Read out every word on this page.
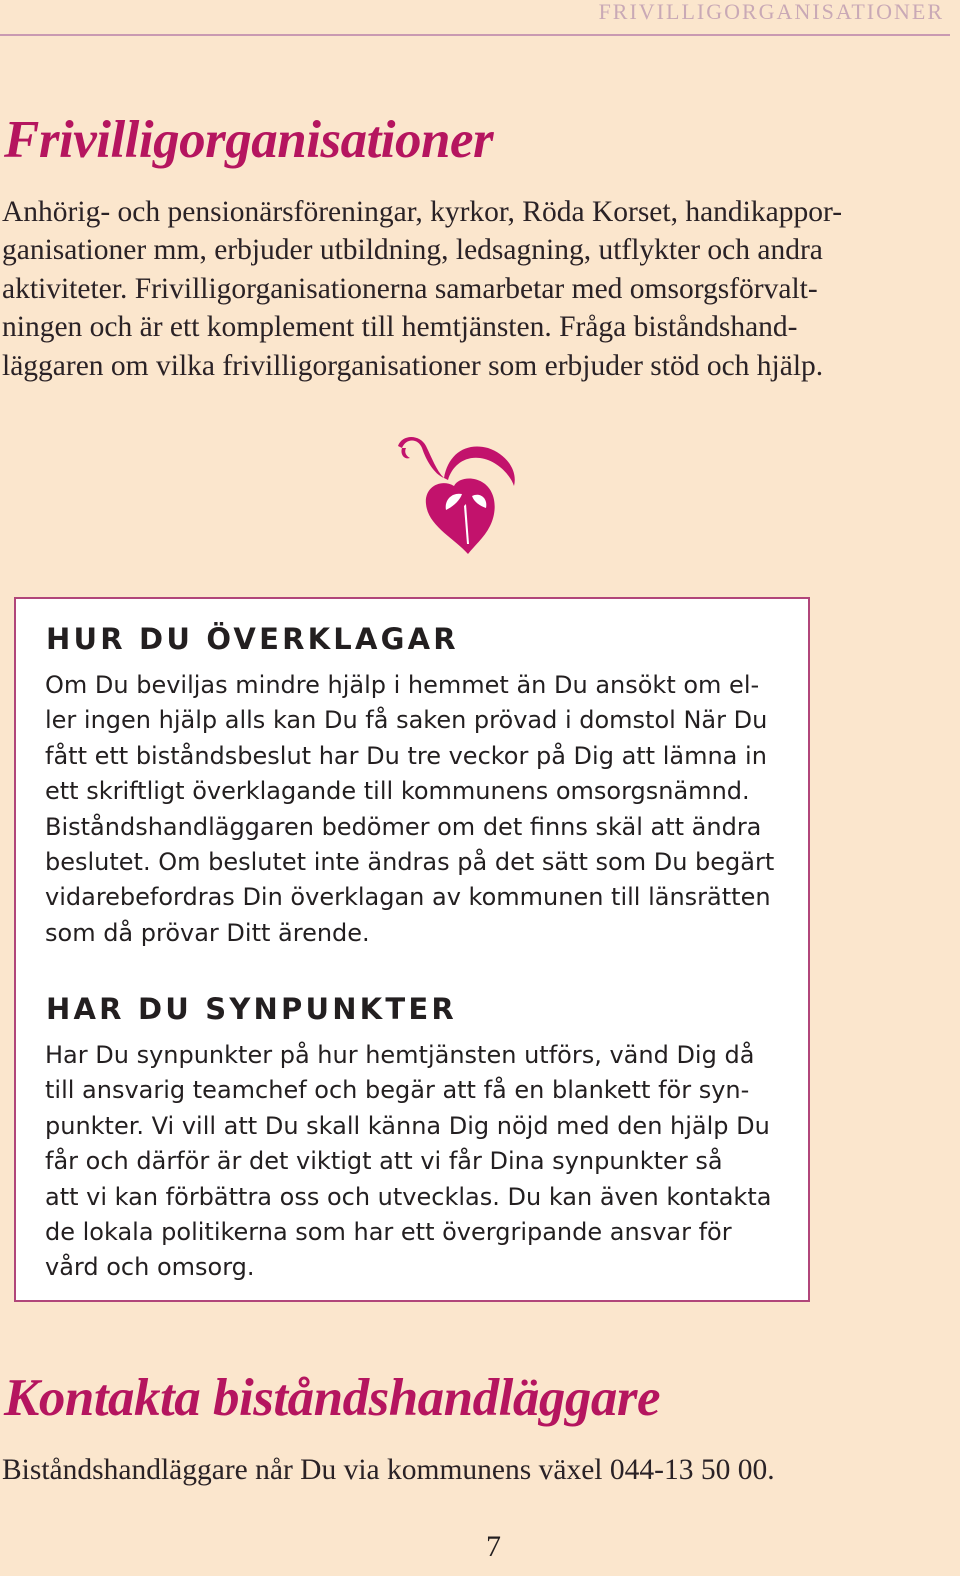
FRIVILLIGORGANISATIONER
Frivilligorganisationer

Anhörig- och pensionärsföreningar, kyrkor, Röda Korset, handikappor-
ganisationer mm, erbjuder utbildning, ledsagning, utflykter och andra
aktiviteter. Frivilligorganisationerna samarbetar med omsorgsförvalt-
ningen och är ett komplement till hemtjänsten. Fråga biståndshand-
läggaren om vilka frivilligorganisationer som erbjuder stöd och hjälp.

HUR DU ÖVERKLAGAR

Om Du beviljas mindre hjälp i hemmet än Du ansökt om el-
ler ingen hjälp alls kan Du få saken prövad i domstol När Du
fått ett biståndsbeslut har Du tre veckor på Dig att lämna in
ett skriftligt överklagande till kommunens omsorgsnämnd.
Biståndshandläggaren bedömer om det finns skäl att ändra
beslutet. Om beslutet inte ändras på det sätt som Du begärt
vidarebefordras Din överklagan av kommunen till länsrätten
som då prövar Ditt ärende.

HAR DU SYNPUNKTER

Har Du synpunkter på hur hemtjänsten utförs, vänd Dig då
till ansvarig teamchef och begär att få en blankett för syn-
punkter. Vi vill att Du skall känna Dig nöjd med den hjälp Du
får och därför är det viktigt att vi får Dina synpunkter så
att vi kan förbättra oss och utvecklas. Du kan även kontakta
de lokala politikerna som har ett övergripande ansvar för
vård och omsorg.

Kontakta biståndshandläggare

Biståndshandläggare når Du via kommunens växel 044-13 50 00.

7
